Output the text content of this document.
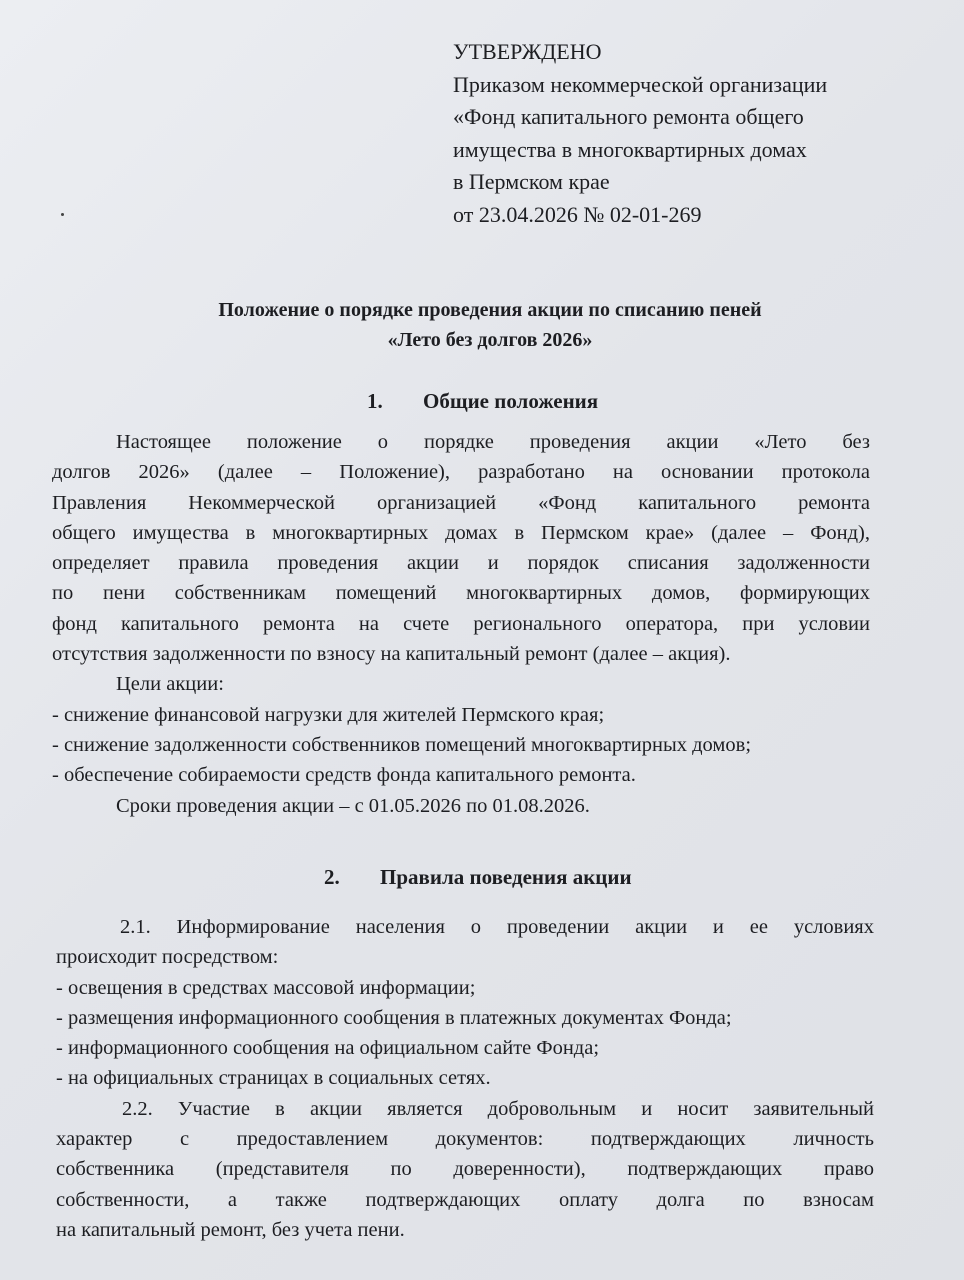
УТВЕРЖДЕНО
Приказом некоммерческой организации
«Фонд капитального ремонта общего
имущества в многоквартирных домах
в Пермском крае
от 23.04.2026 № 02-01-269
Положение о порядке проведения акции по списанию пеней
«Лето без долгов 2026»
1. Общие положения
Настоящее положение о порядке проведения акции «Лето без
долгов 2026» (далее – Положение), разработано на основании протокола
Правления Некоммерческой организацией «Фонд капитального ремонта
общего имущества в многоквартирных домах в Пермском крае» (далее – Фонд),
определяет правила проведения акции и порядок списания задолженности
по пени собственникам помещений многоквартирных домов, формирующих
фонд капитального ремонта на счете регионального оператора, при условии
отсутствия задолженности по взносу на капитальный ремонт (далее – акция).
Цели акции:
- снижение финансовой нагрузки для жителей Пермского края;
- снижение задолженности собственников помещений многоквартирных домов;
- обеспечение собираемости средств фонда капитального ремонта.
Сроки проведения акции – с 01.05.2026 по 01.08.2026.
2. Правила поведения акции
2.1. Информирование населения о проведении акции и ее условиях
происходит посредством:
- освещения в средствах массовой информации;
- размещения информационного сообщения в платежных документах Фонда;
- информационного сообщения на официальном сайте Фонда;
- на официальных страницах в социальных сетях.
2.2. Участие в акции является добровольным и носит заявительный
характер с предоставлением документов: подтверждающих личность
собственника (представителя по доверенности), подтверждающих право
собственности, а также подтверждающих оплату долга по взносам
на капитальный ремонт, без учета пени.
